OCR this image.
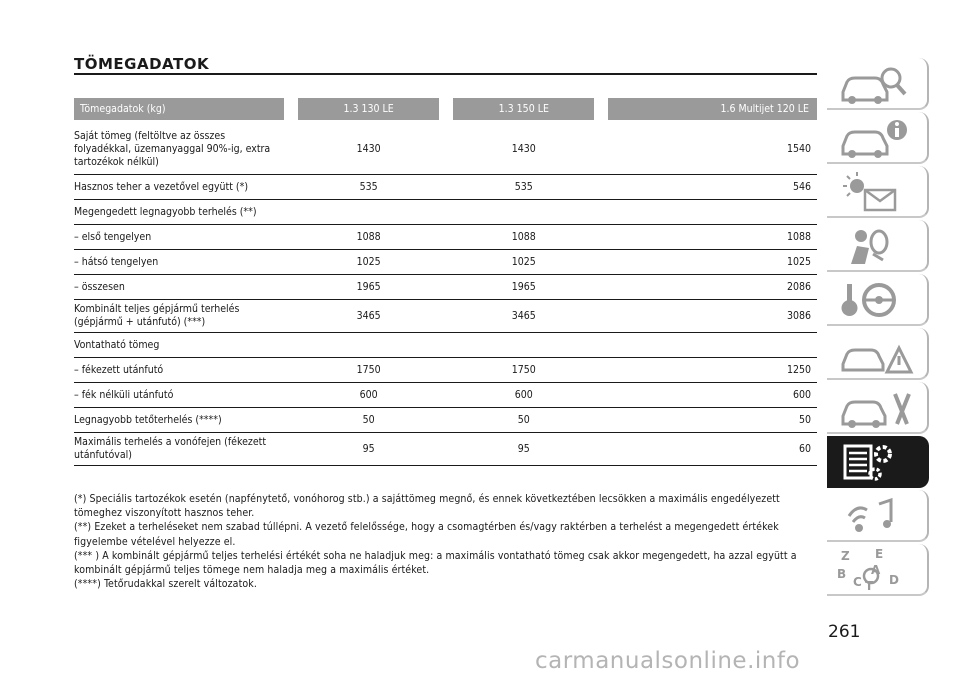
TÖMEGADATOK
Tömegadatok (kg)	1.3 130 LE	1.3 150 LE	1.6 Multijet 120 LE

Saját tömeg (feltöltve az összes folyadékkal, üzemanyaggal 90%-ig, extra tartozékok nélkül)	1430	1430	1540
Hasznos teher a vezetővel együtt (*)	535	535	546
Megengedett legnagyobb terhelés (**)			
– első tengelyen	1088	1088	1088
– hátsó tengelyen	1025	1025	1025
– összesen	1965	1965	2086
Kombinált teljes gépjármű terhelés (gépjármű + utánfutó) (***)	3465	3465	3086
Vontatható tömeg			
– fékezett utánfutó	1750	1750	1250
– fék nélküli utánfutó	600	600	600
Legnagyobb tetőterhelés (****)	50	50	50
Maximális terhelés a vonófejen (fékezett utánfutóval)	95	95	60

(*) Speciális tartozékok esetén (napfénytető, vonóhorog stb.) a sajáttömeg megnő, és ennek következtében lecsökken a maximális engedélyezett tömeghez viszonyított hasznos teher.

(**) Ezeket a terheléseket nem szabad túllépni. A vezető felelőssége, hogy a csomagtérben és/vagy raktérben a terhelést a megengedett értékek figyelembe vételével helyezze el.

(*** ) A kombinált gépjármű teljes terhelési értékét soha ne haladjuk meg: a maximális vontatható tömeg csak akkor megengedett, ha azzal együtt a kombinált gépjármű teljes tömege nem haladja meg a maximális értéket.

(****) Tetőrudakkal szerelt változatok.

Z E
B A
C T D
261
carmanualsonline.info
